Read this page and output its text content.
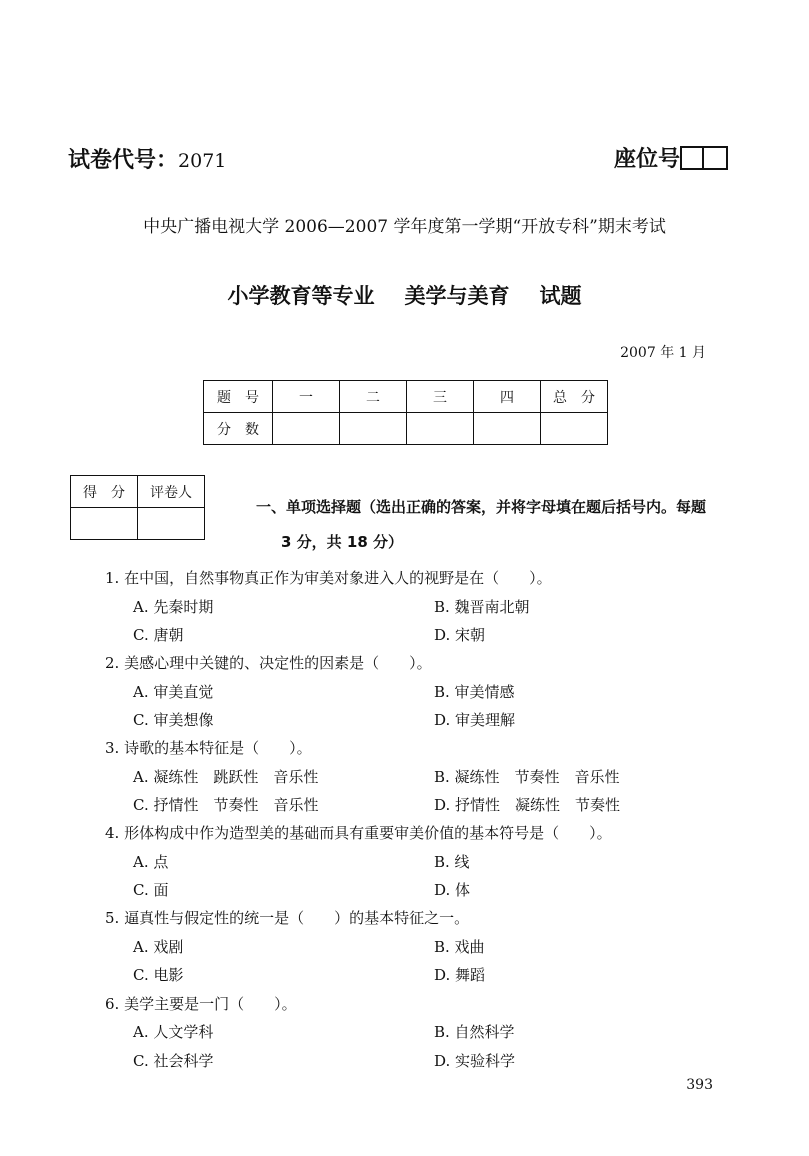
试卷代号：2071	座位号
中央广播电视大学 2006—2007 学年度第一学期“开放专科”期末考试
小学教育等专业 美学与美育 试题
2007 年 1 月
题　号	一	二	三	四	总　分
分　数					
得　分	评卷人

一、单项选择题（选出正确的答案，并将字母填在题后括号内。每题
3 分，共 18 分）
1. 在中国，自然事物真正作为审美对象进入人的视野是在（　　）。
A. 先秦时期	B. 魏晋南北朝
C. 唐朝	D. 宋朝
2. 美感心理中关键的、决定性的因素是（　　）。
A. 审美直觉	B. 审美情感
C. 审美想像	D. 审美理解
3. 诗歌的基本特征是（　　）。
A. 凝练性　跳跃性　音乐性	B. 凝练性　节奏性　音乐性
C. 抒情性　节奏性　音乐性	D. 抒情性　凝练性　节奏性
4. 形体构成中作为造型美的基础而具有重要审美价值的基本符号是（　　）。
A. 点	B. 线
C. 面	D. 体
5. 逼真性与假定性的统一是（　　）的基本特征之一。
A. 戏剧	B. 戏曲
C. 电影	D. 舞蹈
6. 美学主要是一门（　　）。
A. 人文学科	B. 自然科学
C. 社会科学	D. 实验科学
393
